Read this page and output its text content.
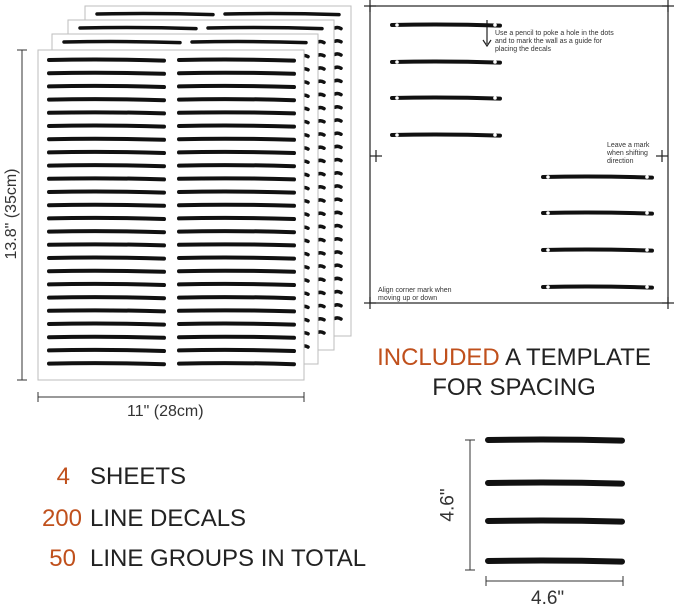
13.8" (35cm)
11" (28cm)
Use a pencil to poke a hole in the dots and to mark the wall as a guide for placing the decals
Leave a mark when shifting direction
Align corner mark when moving up or down
INCLUDED A TEMPLATE
FOR SPACING
4 SHEETS
200 LINE DECALS
50 LINE GROUPS IN TOTAL
4.6"
4.6"
